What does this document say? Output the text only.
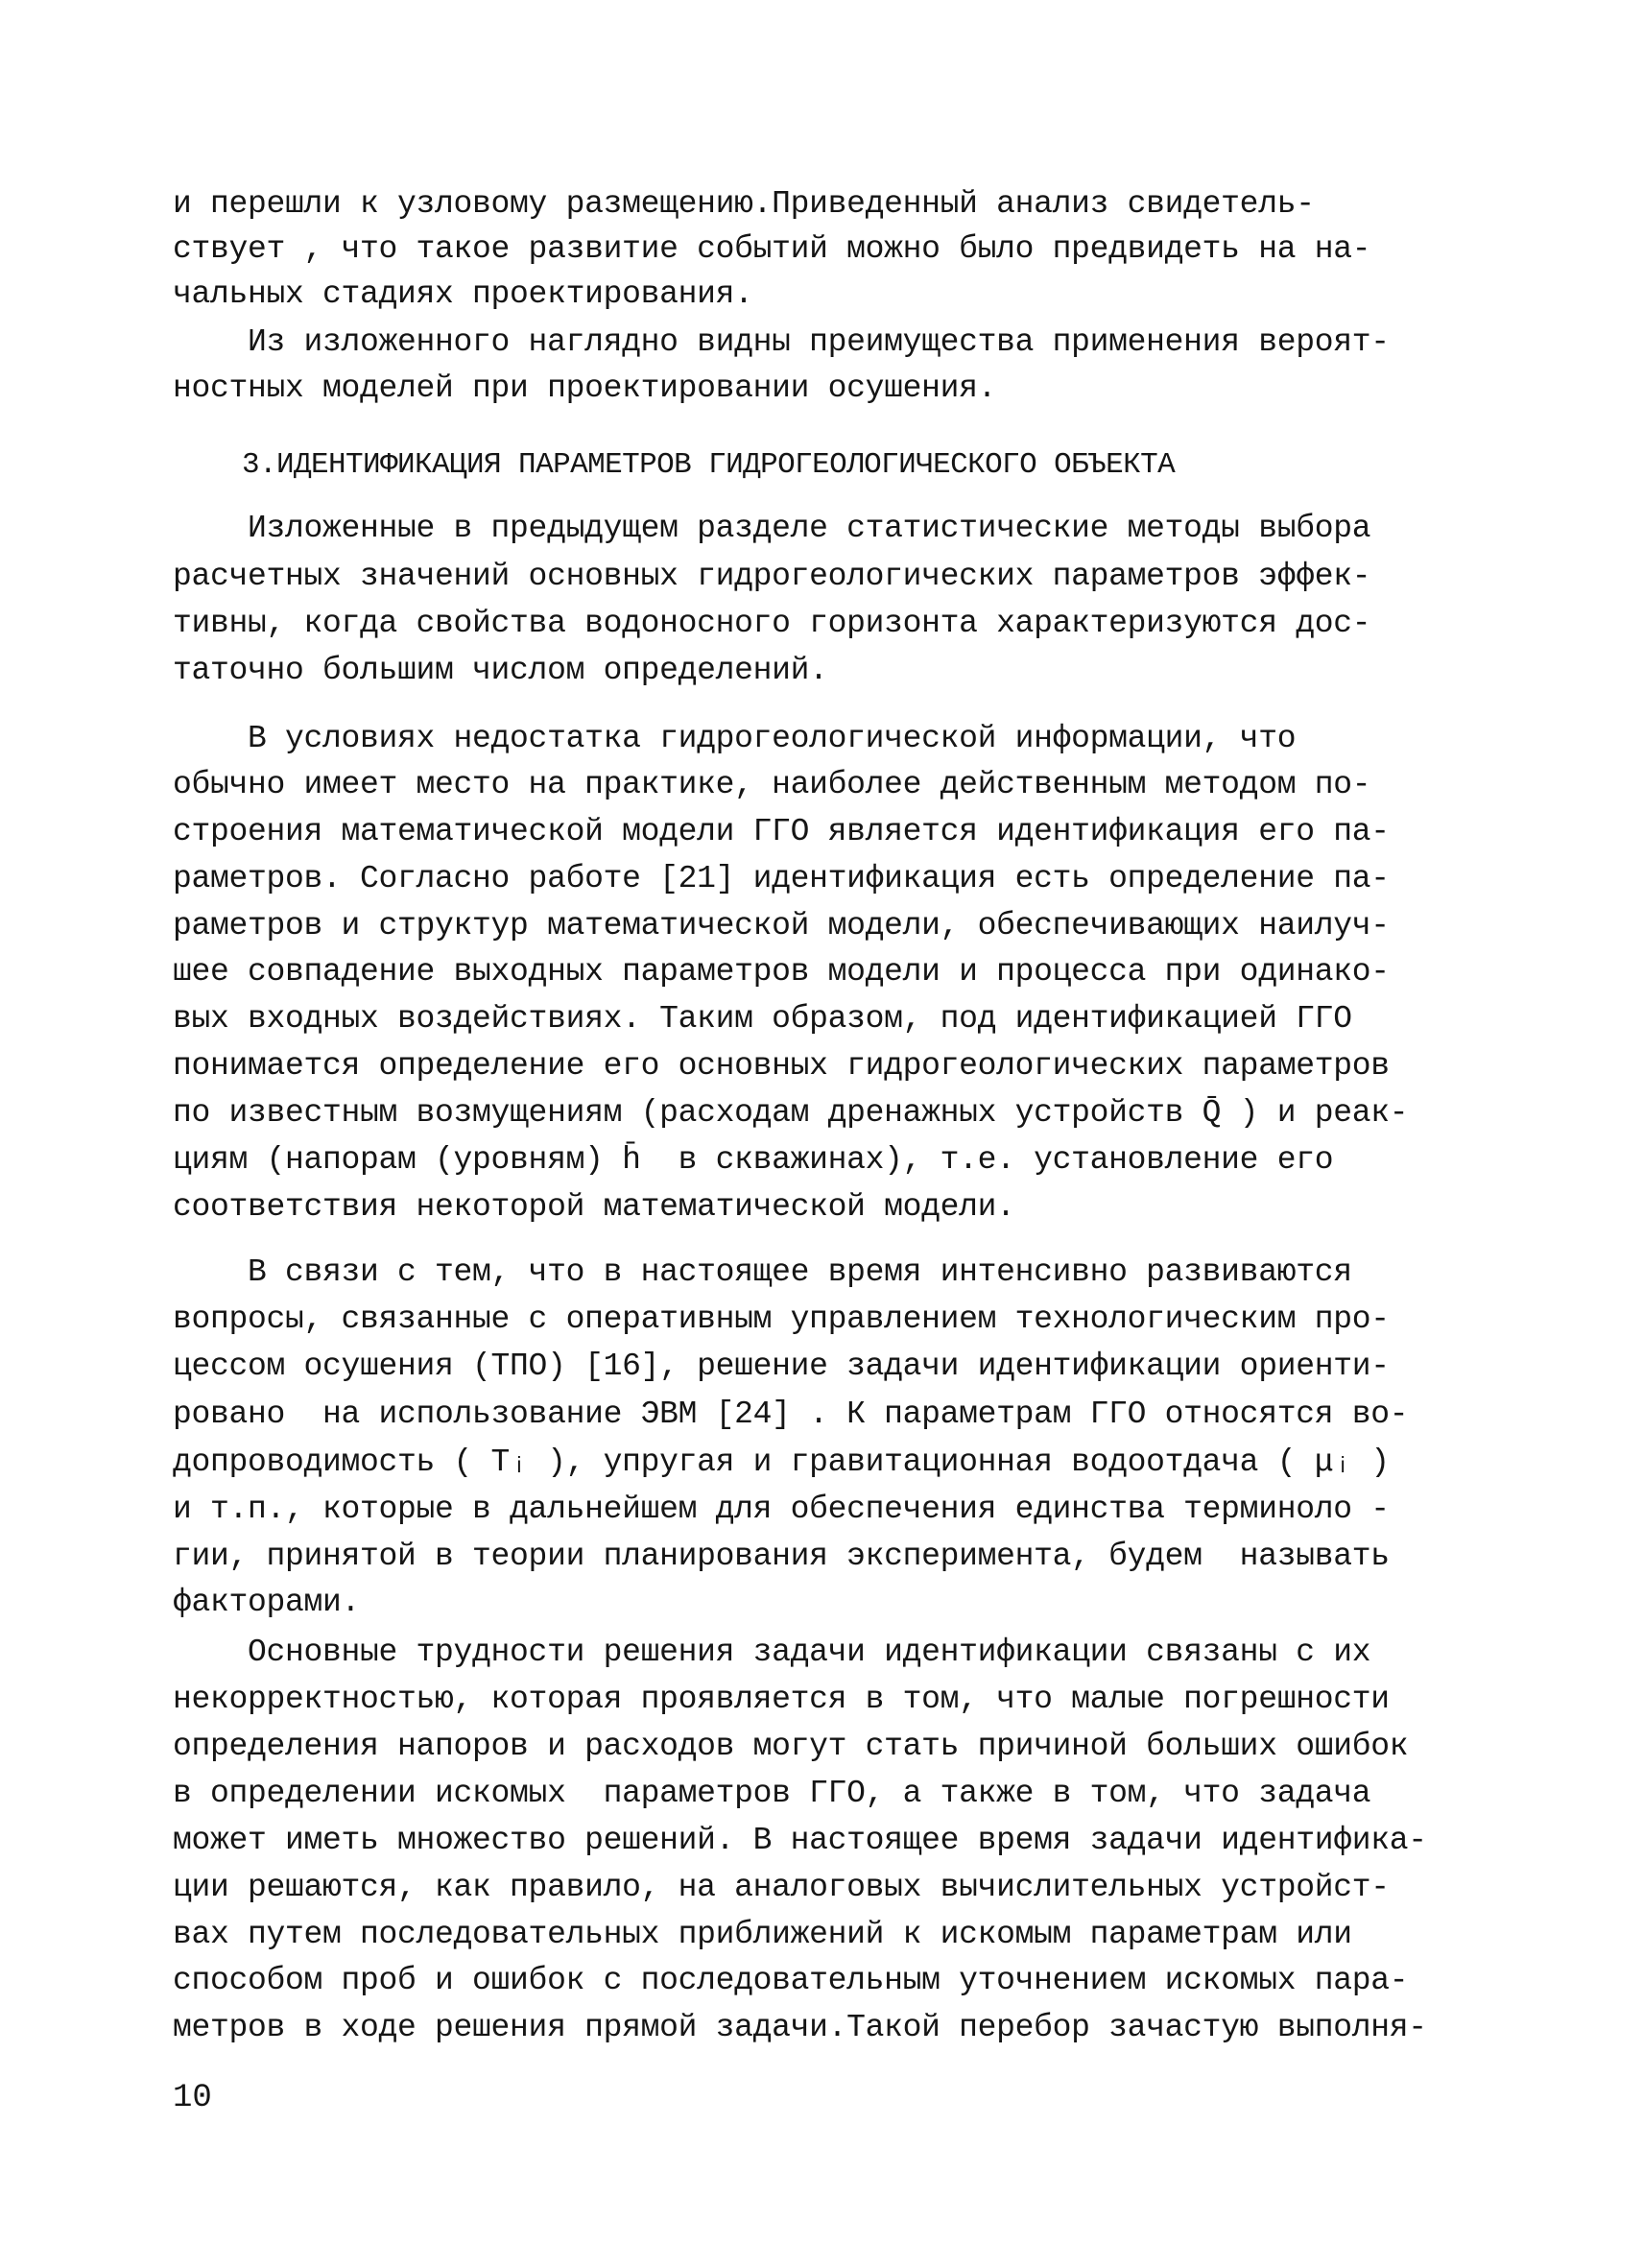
и перешли к узловому размещению.Приведенный анализ свидетель-
ствует , что такое развитие событий можно было предвидеть на на-
чальных стадиях проектирования.
Из изложенного наглядно видны преимущества применения вероят-
ностных моделей при проектировании осушения.
3.ИДЕНТИФИКАЦИЯ ПАРАМЕТРОВ ГИДРОГЕОЛОГИЧЕСКОГО ОБЪЕКТА
Изложенные в предыдущем разделе статистические методы выбора
расчетных значений основных гидрогеологических параметров эффек-
тивны, когда свойства водоносного горизонта характеризуются дос-
таточно большим числом определений.
В условиях недостатка гидрогеологической информации, что
обычно имеет место на практике, наиболее действенным методом по-
строения математической модели ГГО является идентификация его па-
раметров. Согласно работе [21] идентификация есть определение па-
раметров и структур математической модели, обеспечивающих наилуч-
шее совпадение выходных параметров модели и процесса при одинако-
вых входных воздействиях. Таким образом, под идентификацией ГГО
понимается определение его основных гидрогеологических параметров
по известным возмущениям (расходам дренажных устройств Q̄ ) и реак-
циям (напорам (уровням) h̄  в скважинах), т.е. установление его
соответствия некоторой математической модели.
В связи с тем, что в настоящее время интенсивно развиваются
вопросы, связанные с оперативным управлением технологическим про-
цессом осушения (ТПО) [16], решение задачи идентификации ориенти-
ровано  на использование ЭВМ [24] . К параметрам ГГО относятся во-
допроводимость ( Tᵢ ), упругая и гравитационная водоотдача ( μᵢ )
и т.п., которые в дальнейшем для обеспечения единства терминоло -
гии, принятой в теории планирования эксперимента, будем  называть
факторами.
Основные трудности решения задачи идентификации связаны с их
некорректностью, которая проявляется в том, что малые погрешности
определения напоров и расходов могут стать причиной больших ошибок
в определении искомых  параметров ГГО, а также в том, что задача
может иметь множество решений. В настоящее время задачи идентифика-
ции решаются, как правило, на аналоговых вычислительных устройст-
вах путем последовательных приближений к искомым параметрам или
способом проб и ошибок с последовательным уточнением искомых пара-
метров в ходе решения прямой задачи.Такой перебор зачастую выполня-
10
